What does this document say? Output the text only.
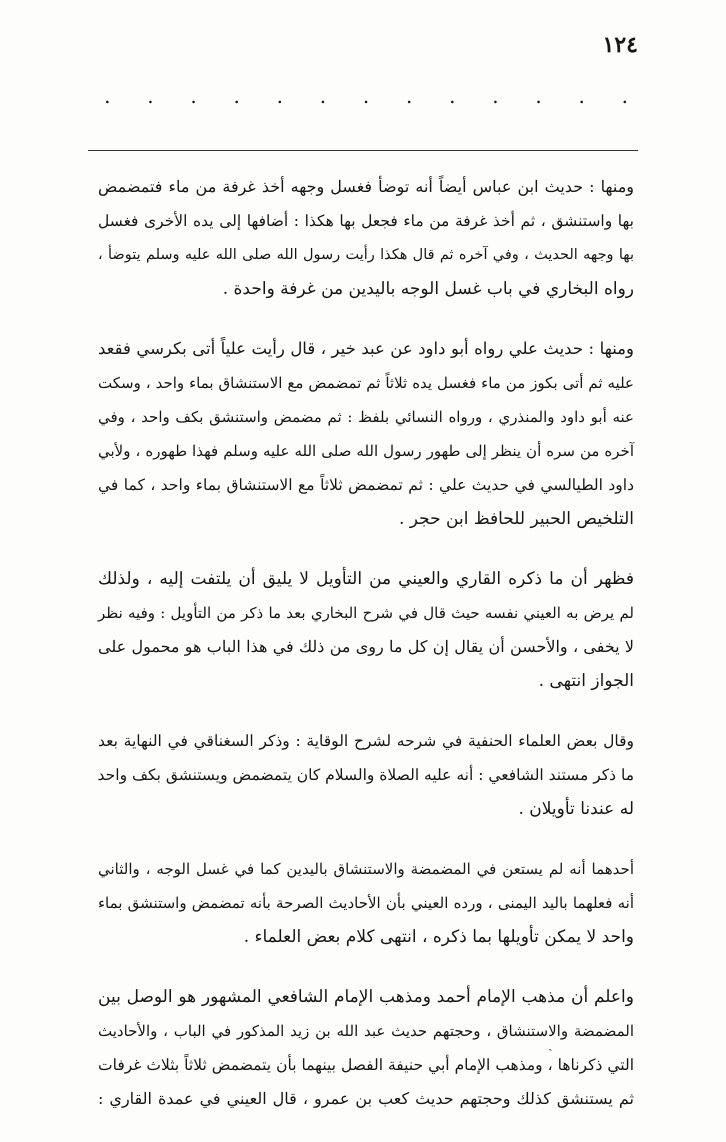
١٢٤
.
.
.
.
.
.
.
.
.
.
.
.
.

ومنها : حديث ابن عباس أيضاً أنه توضأ فغسل وجهه أخذ غرفة من ماء فتمضمض
بها واستنشق ، ثم أخذ غرفة من ماء فجعل بها هكذا : أضافها إلى يده الأخرى فغسل
بها وجهه الحديث ، وفي آخره ثم قال هكذا رأيت رسول الله صلى الله عليه وسلم يتوضأ ،
رواه البخاري في باب غسل الوجه باليدين من غرفة واحدة .

ومنها : حديث علي رواه أبو داود عن عبد خير ، قال رأيت علياً أتى بكرسي فقعد
عليه ثم أتى بكوز من ماء فغسل يده ثلاثاً ثم تمضمض مع الاستنشاق بماء واحد ، وسكت
عنه أبو داود والمنذري ، ورواه النسائي بلفظ : ثم مضمض واستنشق بكف واحد ، وفي
آخره من سره أن ينظر إلى طهور رسول الله صلى الله عليه وسلم فهذا طهوره ، ولأبي
داود الطيالسي في حديث علي : ثم تمضمض ثلاثاً مع الاستنشاق بماء واحد ، كما في
التلخيص الحبير للحافظ ابن حجر .

فظهر أن ما ذكره القاري والعيني من التأويل لا يليق أن يلتفت إليه ، ولذلك
لم يرض به العيني نفسه حيث قال في شرح البخاري بعد ما ذكر من التأويل : وفيه نظر
لا يخفى ، والأحسن أن يقال إن كل ما روى من ذلك في هذا الباب هو محمول على
الجواز انتهى .

وقال بعض العلماء الحنفية في شرحه لشرح الوقاية : وذكر السغناقي في النهاية بعد
ما ذكر مستند الشافعي : أنه عليه الصلاة والسلام كان يتمضمض ويستنشق بكف واحد
له عندنا تأويلان .

أحدهما أنه لم يستعن في المضمضة والاستنشاق باليدين كما في غسل الوجه ، والثاني
أنه فعلهما باليد اليمنى ، ورده العيني بأن الأحاديث الصرحة بأنه تمضمض واستنشق بماء
واحد لا يمكن تأويلها بما ذكره ، انتهى كلام بعض العلماء .

واعلم أن مذهب الإمام أحمد ومذهب الإمام الشافعي المشهور هو الوصل بين
المضمضة والاستنشاق ، وحجتهم حديث عبد الله بن زيد المذكور في الباب ، والأحاديث
التي ذكرناها ، ومذهب الإمام أبي حنيفة الفصل بينهما بأن يتمضمض ثلاثاً بثلاث غرفات
ثم يستنشق كذلك وحجتهم حديث كعب بن عمرو ، قال العيني في عمدة القاري :

ˎ
